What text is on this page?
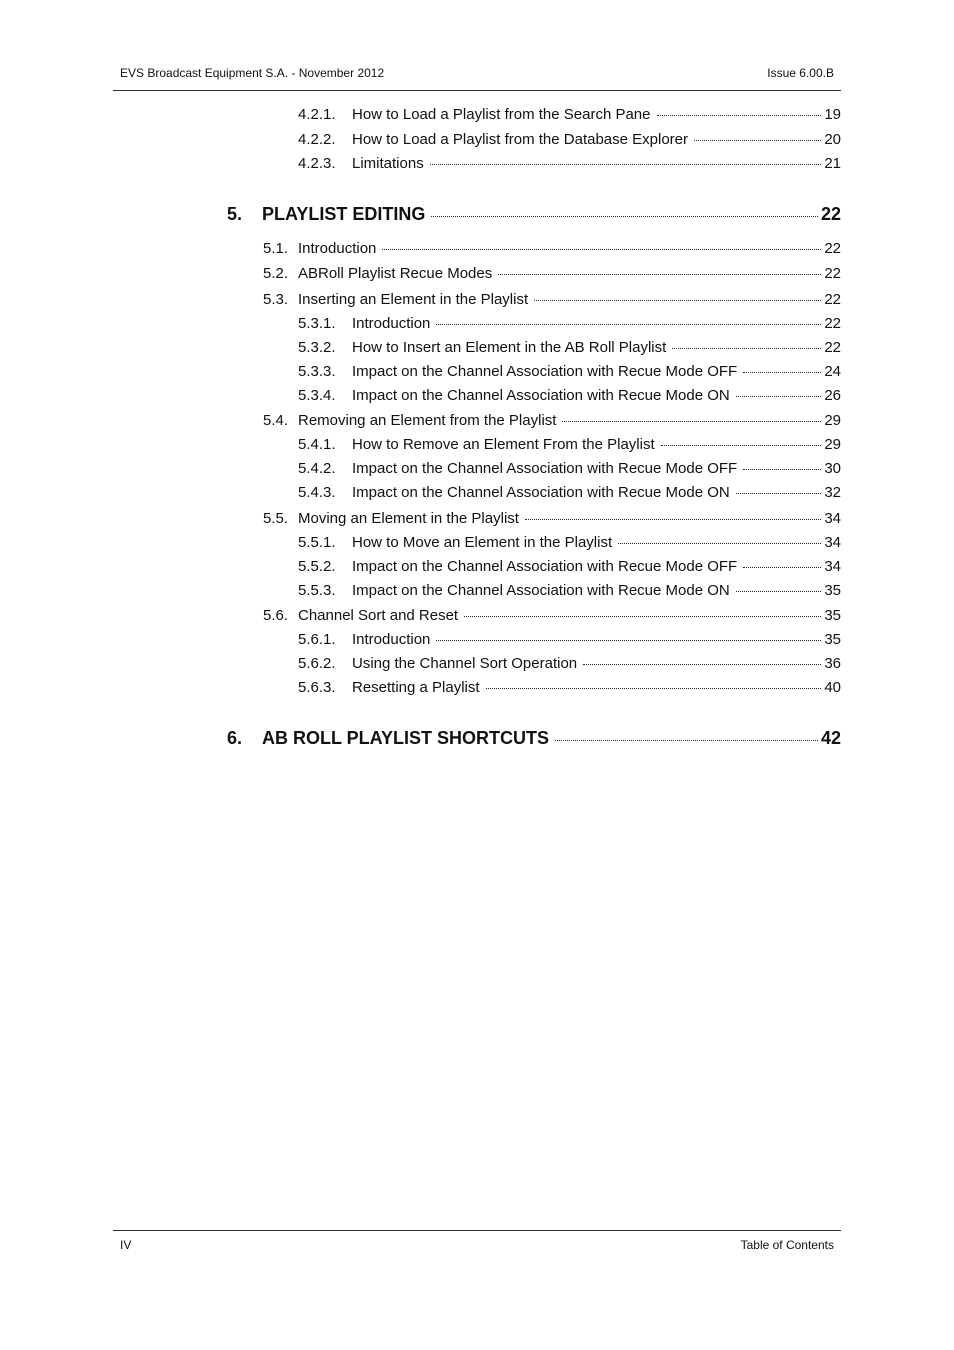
EVS Broadcast Equipment S.A. - November 2012	Issue 6.00.B
4.2.1.	How to Load a Playlist from the Search Pane	19
4.2.2.	How to Load a Playlist from the Database Explorer	20
4.2.3.	Limitations	21
5.	PLAYLIST EDITING	22
5.1. Introduction	22
5.2. ABRoll Playlist Recue Modes	22
5.3. Inserting an Element in the Playlist	22
5.3.1.	Introduction	22
5.3.2.	How to Insert an Element in the AB Roll Playlist	22
5.3.3.	Impact on the Channel Association with Recue Mode OFF	24
5.3.4.	Impact on the Channel Association with Recue Mode ON	26
5.4. Removing an Element from the Playlist	29
5.4.1.	How to Remove an Element From the Playlist	29
5.4.2.	Impact on the Channel Association with Recue Mode OFF	30
5.4.3.	Impact on the Channel Association with Recue Mode ON	32
5.5. Moving an Element in the Playlist	34
5.5.1.	How to Move an Element in the Playlist	34
5.5.2.	Impact on the Channel Association with Recue Mode OFF	34
5.5.3.	Impact on the Channel Association with Recue Mode ON	35
5.6. Channel Sort and Reset	35
5.6.1.	Introduction	35
5.6.2.	Using the Channel Sort Operation	36
5.6.3.	Resetting a Playlist	40
6.	AB ROLL PLAYLIST SHORTCUTS	42
IV	Table of Contents
